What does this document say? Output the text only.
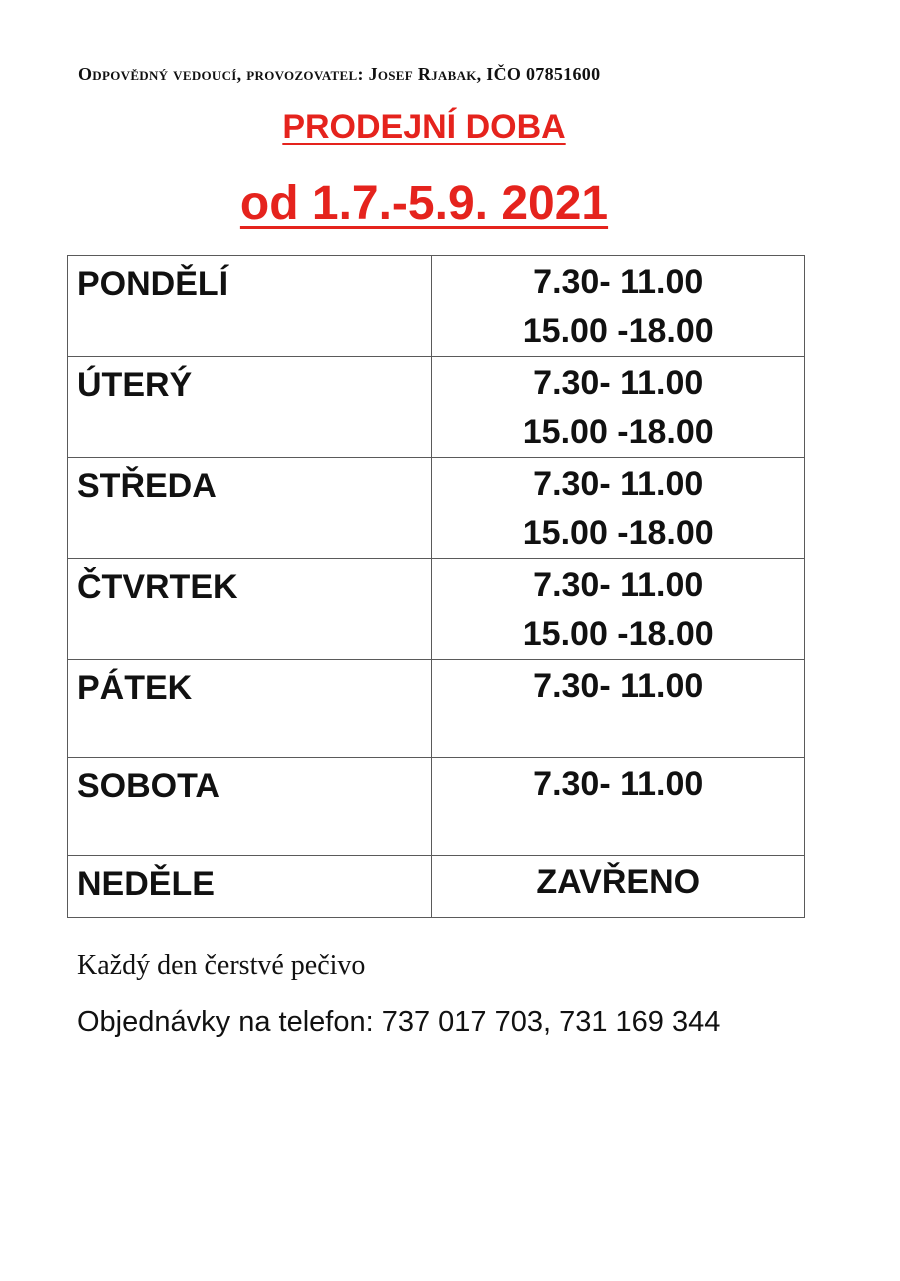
Odpovědný vedoucí, provozovatel: Josef Rjabak, IČO 07851600
PRODEJNÍ DOBA
od 1.7.-5.9. 2021
PONDĚLÍ	7.30- 11.00
15.00 -18.00

ÚTERÝ	7.30- 11.00
15.00 -18.00

STŘEDA	7.30- 11.00
15.00 -18.00

ČTVRTEK	7.30- 11.00
15.00 -18.00

PÁTEK	7.30- 11.00

SOBOTA	7.30- 11.00

NEDĚLE	ZAVŘENO
Každý den čerstvé pečivo
Objednávky na telefon: 737 017 703, 731 169 344
